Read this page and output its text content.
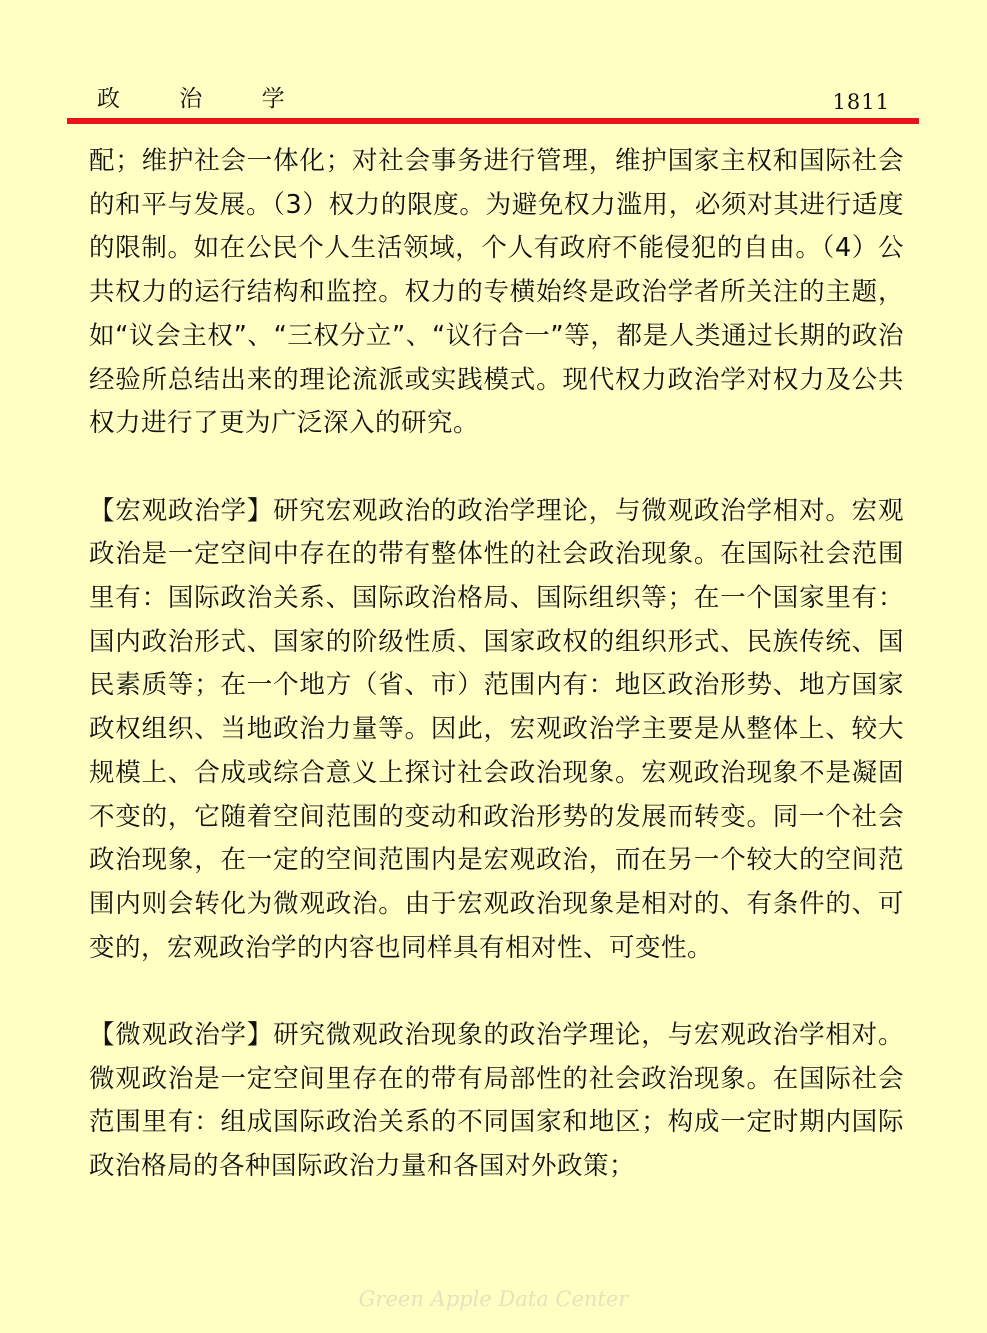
政 治 学	1811

配；维护社会一体化；对社会事务进行管理，维护国家主权和国际社会的和平与发展。（3）权力的限度。为避免权力滥用，必须对其进行适度的限制。如在公民个人生活领域，个人有政府不能侵犯的自由。（4）公共权力的运行结构和监控。权力的专横始终是政治学者所关注的主题，如“议会主权”、“三权分立”、“议行合一”等，都是人类通过长期的政治经验所总结出来的理论流派或实践模式。现代权力政治学对权力及公共权力进行了更为广泛深入的研究。

【宏观政治学】研究宏观政治的政治学理论，与微观政治学相对。宏观政治是一定空间中存在的带有整体性的社会政治现象。在国际社会范围里有：国际政治关系、国际政治格局、国际组织等；在一个国家里有：国内政治形式、国家的阶级性质、国家政权的组织形式、民族传统、国民素质等；在一个地方（省、市）范围内有：地区政治形势、地方国家政权组织、当地政治力量等。因此，宏观政治学主要是从整体上、较大规模上、合成或综合意义上探讨社会政治现象。宏观政治现象不是凝固不变的，它随着空间范围的变动和政治形势的发展而转变。同一个社会政治现象，在一定的空间范围内是宏观政治，而在另一个较大的空间范围内则会转化为微观政治。由于宏观政治现象是相对的、有条件的、可变的，宏观政治学的内容也同样具有相对性、可变性。

【微观政治学】研究微观政治现象的政治学理论，与宏观政治学相对。微观政治是一定空间里存在的带有局部性的社会政治现象。在国际社会范围里有：组成国际政治关系的不同国家和地区；构成一定时期内国际政治格局的各种国际政治力量和各国对外政策；

Green Apple Data Center
